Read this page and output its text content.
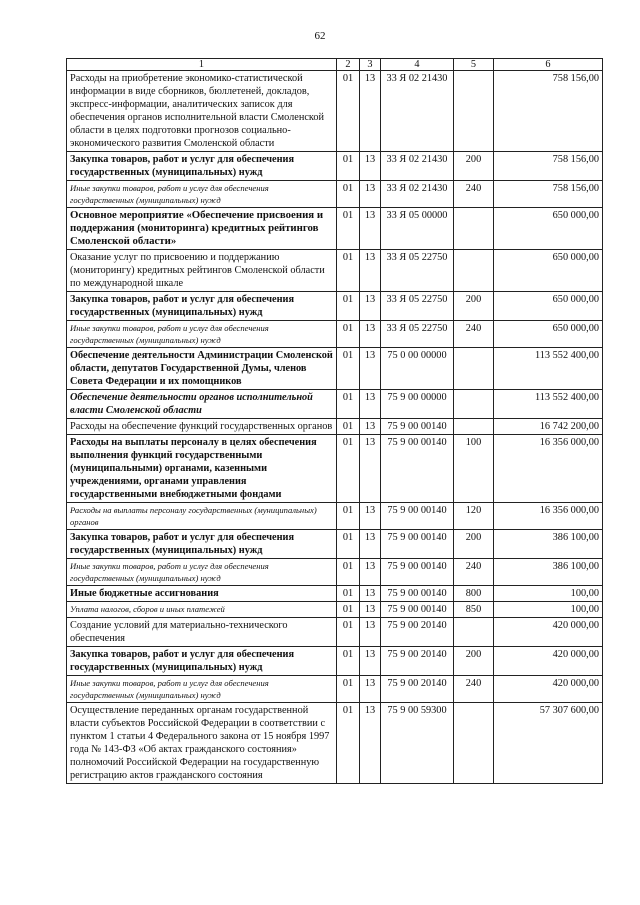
62
1	2	3	4	5	6
Расходы на приобретение экономико-статистической информации в виде сборников, бюллетеней, докладов, экспресс-информации, аналитических записок для обеспечения органов исполнительной власти Смоленской области в целях подготовки прогнозов социально-экономического развития Смоленской области	01	13	33 Я 02 21430		758 156,00
Закупка товаров, работ и услуг для обеспечения государственных (муниципальных) нужд	01	13	33 Я 02 21430	200	758 156,00
Иные закупки товаров, работ и услуг для обеспечения государственных (муниципальных) нужд	01	13	33 Я 02 21430	240	758 156,00
Основное мероприятие «Обеспечение присвоения и поддержания (мониторинга) кредитных рейтингов Смоленской области»	01	13	33 Я 05 00000		650 000,00
Оказание услуг по присвоению и поддержанию (мониторингу) кредитных рейтингов Смоленской области по международной шкале	01	13	33 Я 05 22750		650 000,00
Закупка товаров, работ и услуг для обеспечения государственных (муниципальных) нужд	01	13	33 Я 05 22750	200	650 000,00
Иные закупки товаров, работ и услуг для обеспечения государственных (муниципальных) нужд	01	13	33 Я 05 22750	240	650 000,00
Обеспечение деятельности Администрации Смоленской области, депутатов Государственной Думы, членов Совета Федерации и их помощников	01	13	75 0 00 00000		113 552 400,00
Обеспечение деятельности органов исполнительной власти Смоленской области	01	13	75 9 00 00000		113 552 400,00
Расходы на обеспечение функций государственных органов	01	13	75 9 00 00140		16 742 200,00
Расходы на выплаты персоналу в целях обеспечения выполнения функций государственными (муниципальными) органами, казенными учреждениями, органами управления государственными внебюджетными фондами	01	13	75 9 00 00140	100	16 356 000,00
Расходы на выплаты персоналу государственных (муниципальных) органов	01	13	75 9 00 00140	120	16 356 000,00
Закупка товаров, работ и услуг для обеспечения государственных (муниципальных) нужд	01	13	75 9 00 00140	200	386 100,00
Иные закупки товаров, работ и услуг для обеспечения государственных (муниципальных) нужд	01	13	75 9 00 00140	240	386 100,00
Иные бюджетные ассигнования	01	13	75 9 00 00140	800	100,00
Уплата налогов, сборов и иных платежей	01	13	75 9 00 00140	850	100,00
Создание условий для материально-технического обеспечения	01	13	75 9 00 20140		420 000,00
Закупка товаров, работ и услуг для обеспечения государственных (муниципальных) нужд	01	13	75 9 00 20140	200	420 000,00
Иные закупки товаров, работ и услуг для обеспечения государственных (муниципальных) нужд	01	13	75 9 00 20140	240	420 000,00
Осуществление переданных органам государственной власти субъектов Российской Федерации в соответствии с пунктом 1 статьи 4 Федерального закона от 15 ноября 1997 года № 143-ФЗ «Об актах гражданского состояния» полномочий Российской Федерации на государственную регистрацию актов гражданского состояния	01	13	75 9 00 59300		57 307 600,00
